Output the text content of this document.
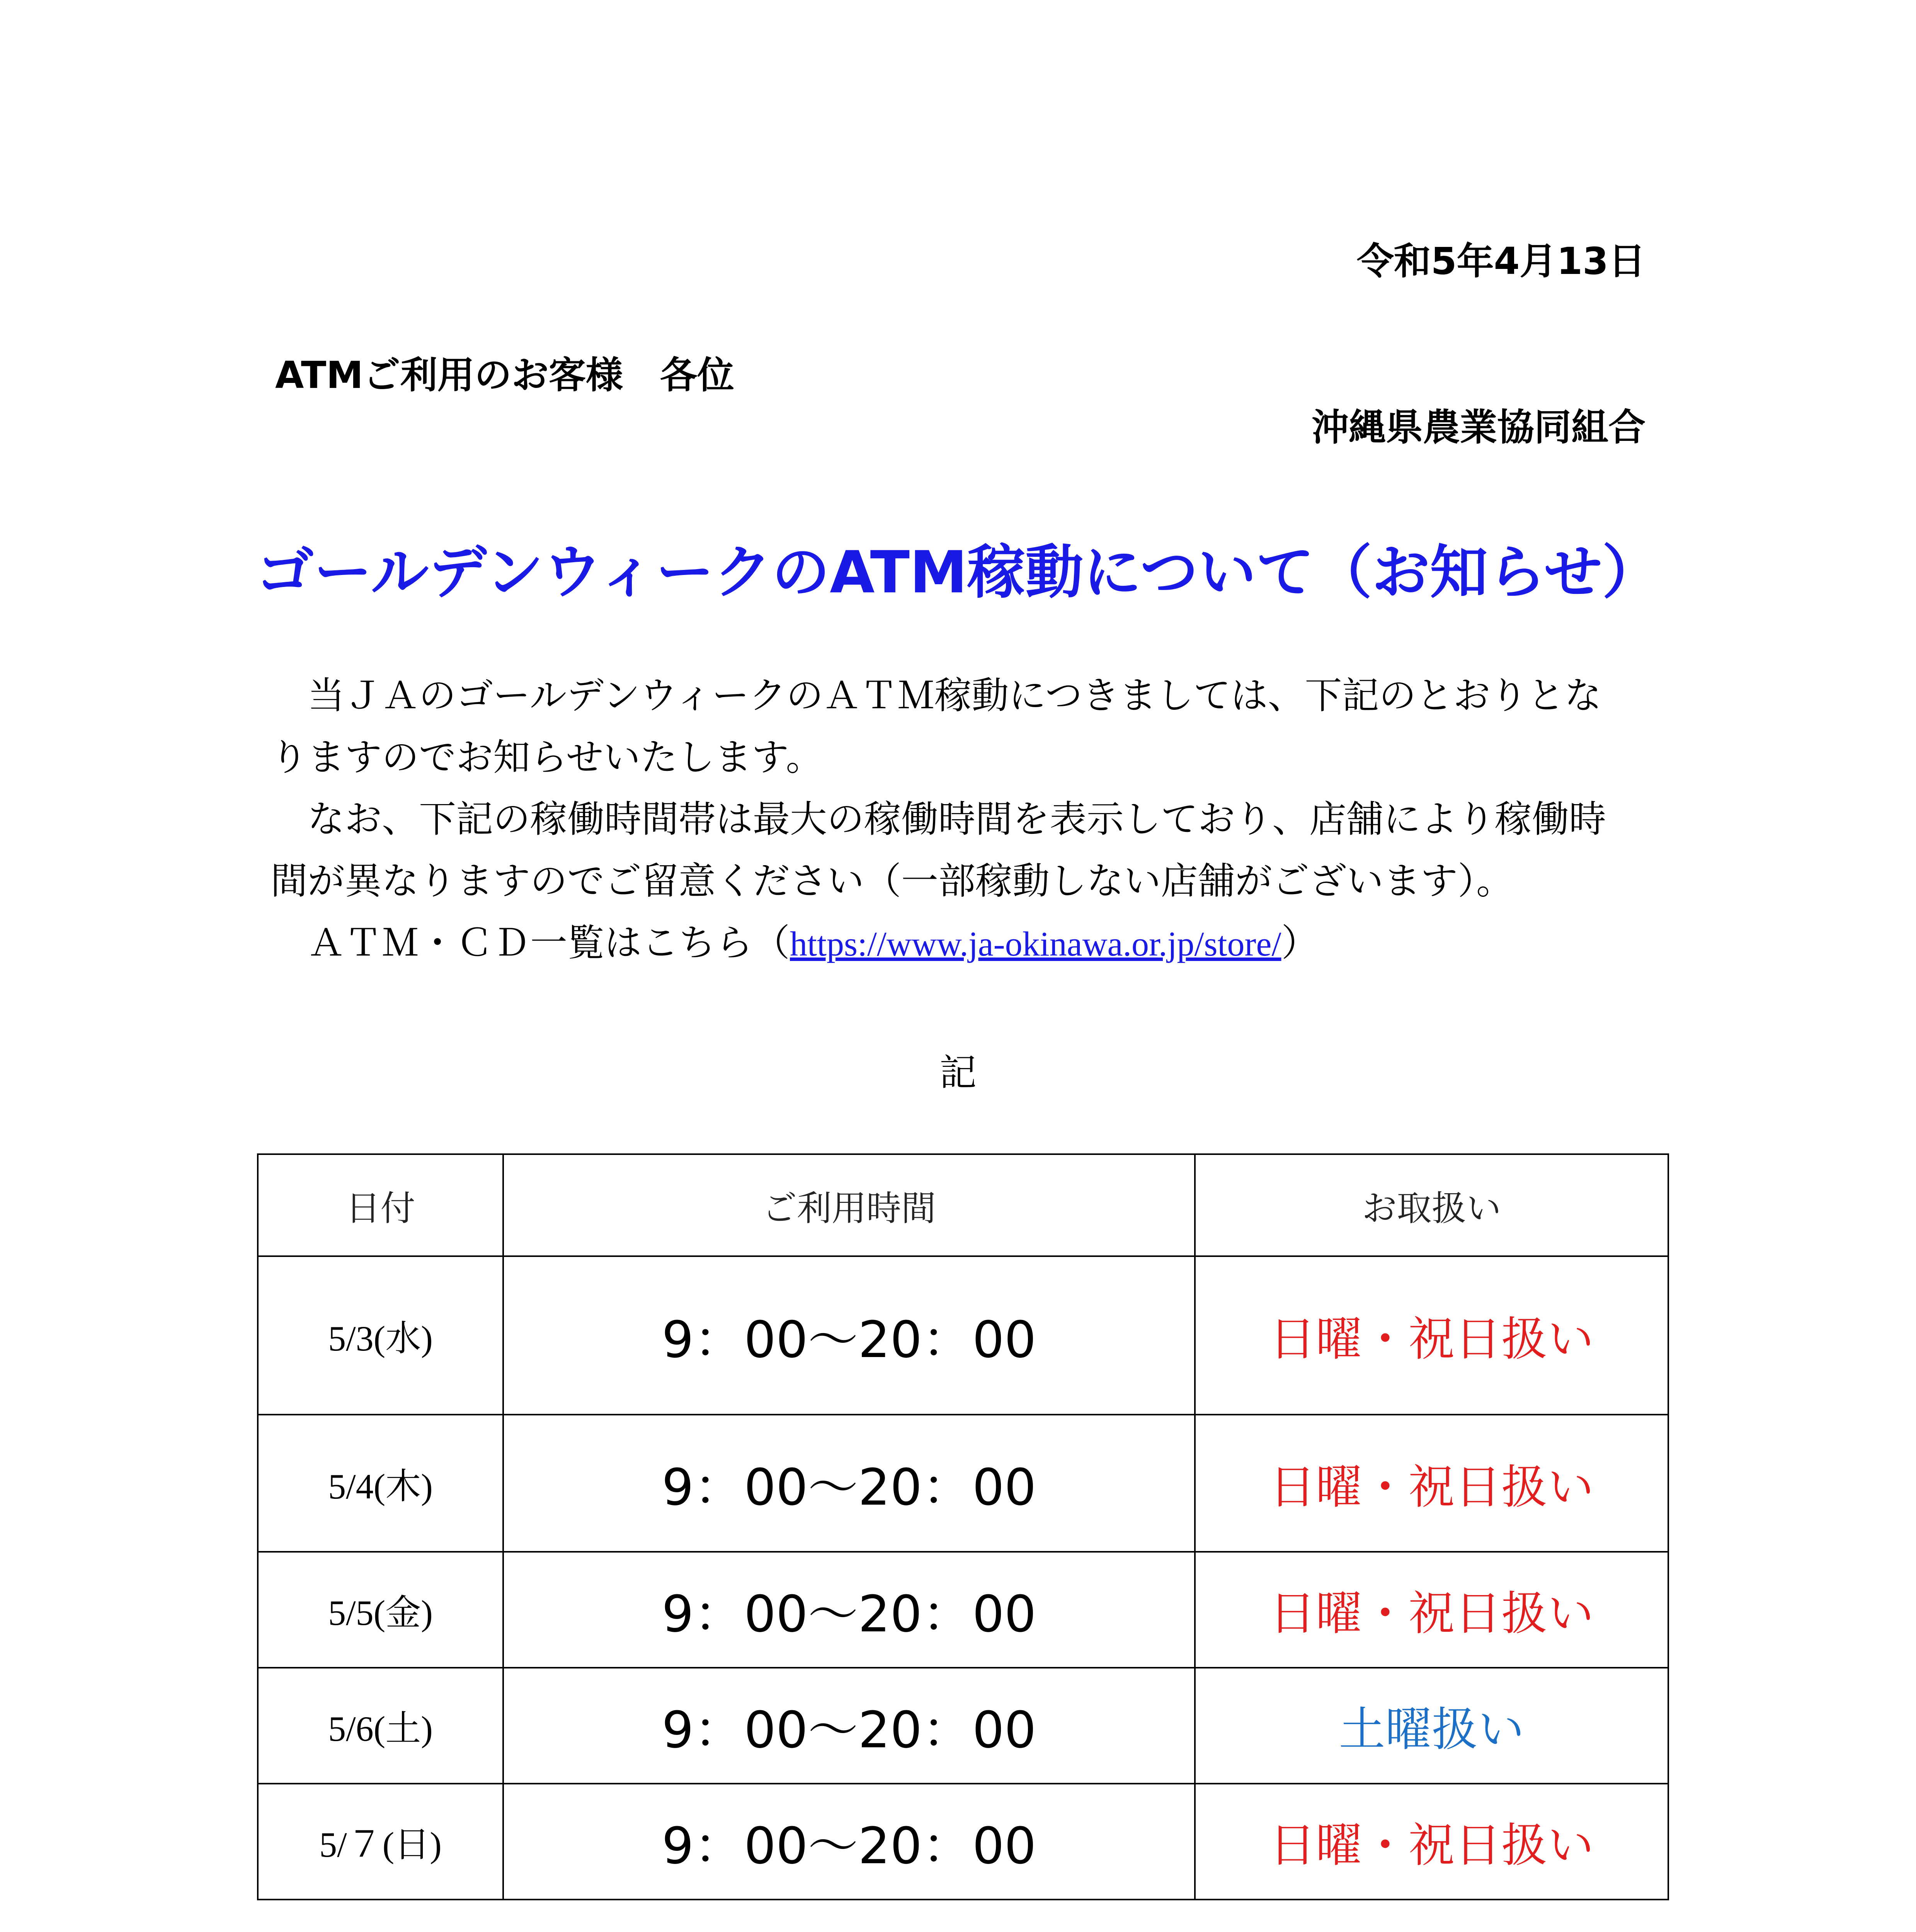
令和5年4月13日
ATMご利用のお客様　各位
沖縄県農業協同組合
ゴールデンウィークのATM稼動について（お知らせ）

　当ＪＡのゴールデンウィークのＡＴＭ稼動につきましては、下記のとおりとな

りますのでお知らせいたします。

　なお、下記の稼働時間帯は最大の稼働時間を表示しており、店舗により稼働時

間が異なりますのでご留意ください（一部稼動しない店舗がございます）。

　ＡＴＭ・ＣＤ一覧はこちら（https://www.ja-okinawa.or.jp/store/）

記
日付	ご利用時間	お取扱い
5/3(水)	9：00～20：00	日曜・祝日扱い
5/4(木)	9：00～20：00	日曜・祝日扱い
5/5(金)	9：00～20：00	日曜・祝日扱い
5/6(土)	9：00～20：00	土曜扱い
5/７(日)	9：00～20：00	日曜・祝日扱い
